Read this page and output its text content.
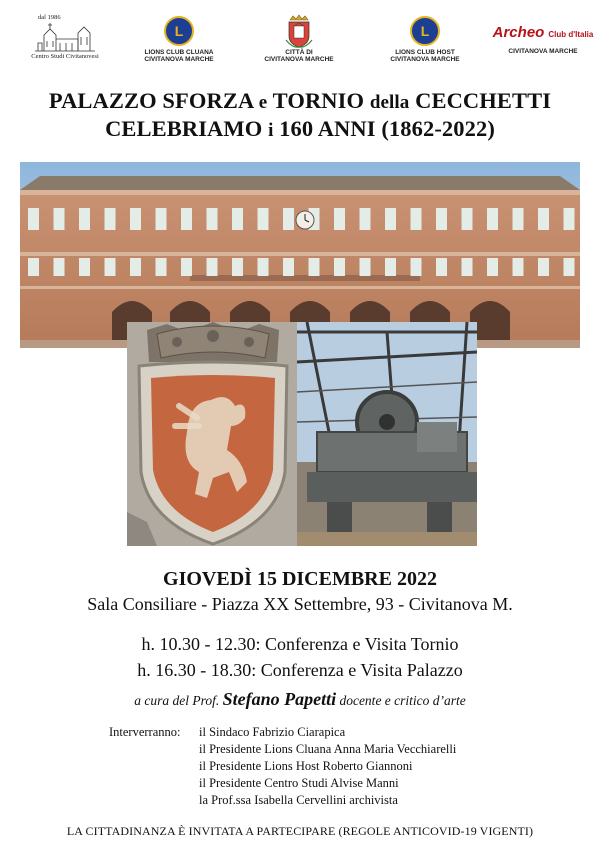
dal 1986
Centro Studi Civitanovesi
L
LIONS CLUB CLUANA
CIVITANOVA MARCHE
CITTÀ DI
CIVITANOVA MARCHE
L
LIONS CLUB HOST
CIVITANOVA MARCHE
Archeo Club d'Italia
CIVITANOVA MARCHE
PALAZZO SFORZA e TORNIO della CECCHETTI
CELEBRIAMO i 160 ANNI (1862-2022)
GIOVEDÌ 15 DICEMBRE 2022
Sala Consiliare - Piazza XX Settembre, 93 - Civitanova M.
h. 10.30 - 12.30: Conferenza e Visita Tornio
h. 16.30 - 18.30: Conferenza e Visita Palazzo
a cura del Prof. Stefano Papetti docente e critico d’arte
Interverranno: il Sindaco Fabrizio Ciarapica
il Presidente Lions Cluana Anna Maria Vecchiarelli
il Presidente Lions Host Roberto Giannoni
il Presidente Centro Studi Alvise Manni
la Prof.ssa Isabella Cervellini archivista
LA CITTADINANZA È INVITATA A PARTECIPARE (REGOLE ANTICOVID-19 VIGENTI)
